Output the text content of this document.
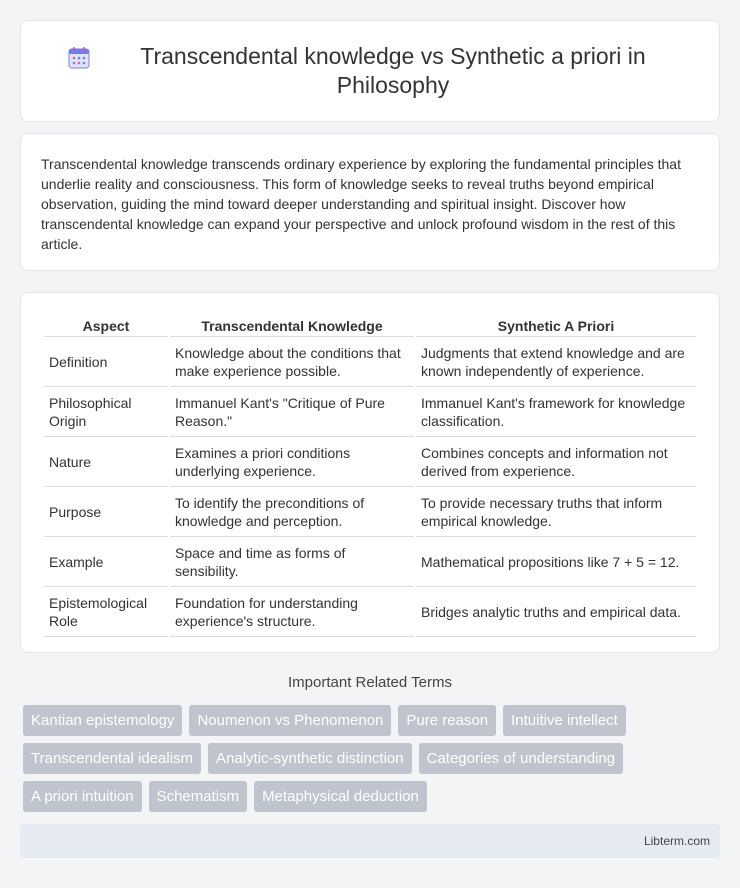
Transcendental knowledge vs Synthetic a priori in Philosophy

Transcendental knowledge transcends ordinary experience by exploring the fundamental principles that underlie reality and consciousness. This form of knowledge seeks to reveal truths beyond empirical observation, guiding the mind toward deeper understanding and spiritual insight. Discover how transcendental knowledge can expand your perspective and unlock profound wisdom in the rest of this article.

Aspect	Transcendental Knowledge	Synthetic A Priori
Definition	Knowledge about the conditions that make experience possible.	Judgments that extend knowledge and are known independently of experience.
Philosophical Origin	Immanuel Kant's "Critique of Pure Reason."	Immanuel Kant's framework for knowledge classification.
Nature	Examines a priori conditions underlying experience.	Combines concepts and information not derived from experience.
Purpose	To identify the preconditions of knowledge and perception.	To provide necessary truths that inform empirical knowledge.
Example	Space and time as forms of sensibility.	Mathematical propositions like 7 + 5 = 12.
Epistemological Role	Foundation for understanding experience's structure.	Bridges analytic truths and empirical data.
Important Related Terms
Kantian epistemology	Noumenon vs Phenomenon	Pure reason	Intuitive intellect
Transcendental idealism	Analytic-synthetic distinction	Categories of understanding
A priori intuition	Schematism	Metaphysical deduction
Libterm.com
